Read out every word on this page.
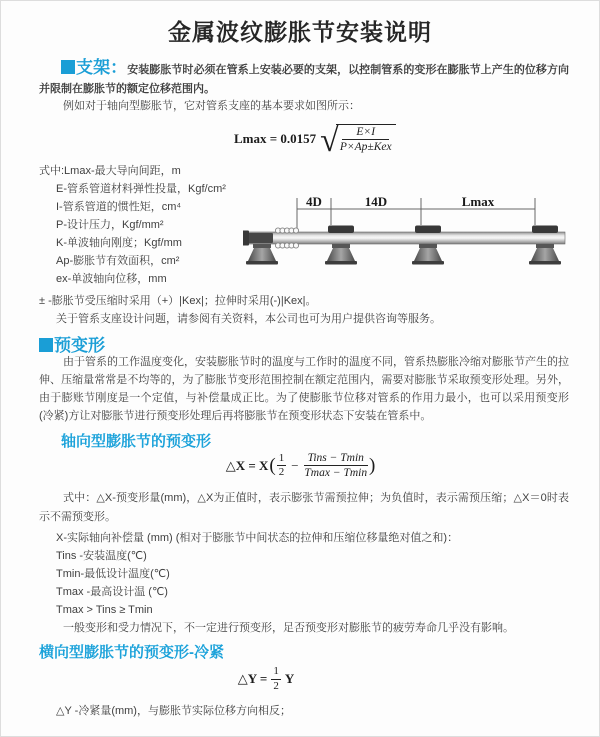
金属波纹膨胀节安装说明
支架：安装膨胀节时必须在管系上安装必要的支架，以控制管系的变形在膨胀节上产生的位移方向并限制在膨胀节的额定位移范围内。
例如对于轴向型膨胀节，它对管系支座的基本要求如图所示：
Lmax = 0.0157 √
$\frac{E\times I}{\text{P×Ap±Kex}}$
式中:Lmax-最大导向间距，m
E-管系管道材料弹性投量，Kgf/cm²
I-管系管道的惯性矩，cm⁴
P-设计压力，Kgf/mm²
K-单波轴向刚度；Kgf/mm
Ap-膨胀节有效面积，cm²
ex-单波轴向位移，mm
± -膨胀节受压缩时采用（+）|Kex|；拉伸时采用(-)|Kex|。
关于管系支座设计问题，请参阅有关资料，本公司也可为用户提供咨询等服务。
4D	14D	Lmax
预变形
由于管系的工作温度变化，安装膨胀节时的温度与工作时的温度不同，管系热膨胀冷缩对膨胀节产生的拉伸、压缩量常常是不均等的，为了膨胀节变形范围控制在额定范围内，需要对膨胀节采取预变形处理。另外，由于膨账节刚度是一个定值，与补偿量成正比。为了使膨胀节位移对管系的作用力最小，也可以采用预变形(冷紧)方让对膨胀节进行预变形处理后再将膨胀节在预变形状态下安装在管系中。
轴向型膨胀节的预变形
△X = X ( $\frac{1}{2}$ − Tins − Tmin
Tmax − Tmin )
式中：△X-预变形量(mm)，△X为正值时，表示膨张节需预拉伸；为负值时，表示需预压缩；△X＝0时表示不需预变形。
X-实际轴向补偿量 (mm) (相对于膨胀节中间状态的拉伸和压缩位移量绝对值之和)：
Tins -安装温度(℃)
Tmin-最低设计温度(℃)
Tmax -最高设计温 (℃)
Tmax > Tins ≥ Tmin
一般变形和受力情况下，不一定进行预变形，足否预变形对膨胀节的疲劳寿命几乎没有影响。
横向型膨胀节的预变形-冷紧
△Y = $\frac{1}{2}$ Y
△Y -冷紧量(mm)，与膨胀节实际位移方向相反；
